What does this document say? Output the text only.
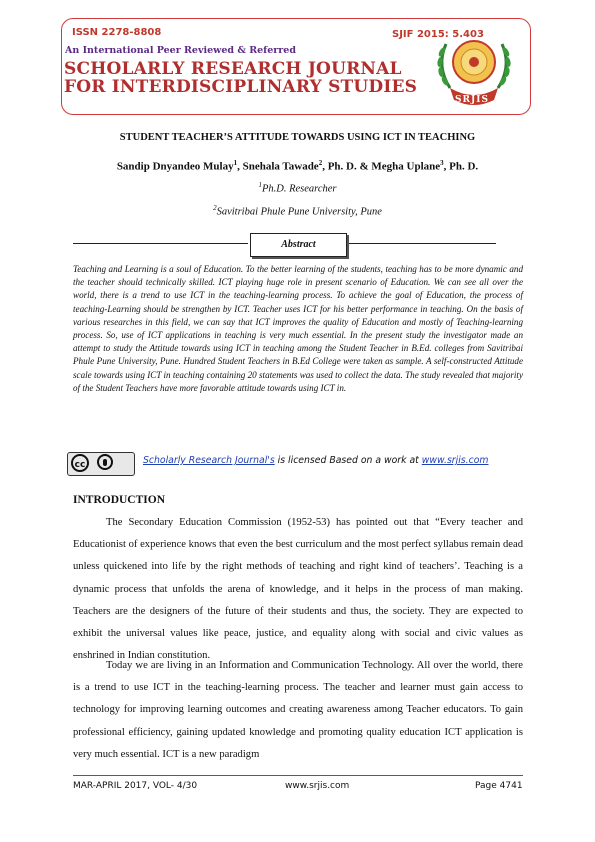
ISSN 2278-8808	SJIF 2015: 5.403
An International Peer Reviewed & Referred
SCHOLARLY RESEARCH JOURNAL
FOR INTERDISCIPLINARY STUDIES
SRJIS
STUDENT TEACHER’S ATTITUDE TOWARDS USING ICT IN TEACHING
Sandip Dnyandeo Mulay$^1$, Snehala Tawade$^2$, Ph. D. & Megha Uplane$^3$, Ph. D.
$^1$Ph.D. Researcher
$^2$Savitribai Phule Pune University, Pune
Abstract
Teaching and Learning is a soul of Education. To the better learning of the students, teaching has to be more dynamic and the teacher should technically skilled. ICT playing huge role in present scenario of Education. We can see all over the world, there is a trend to use ICT in the teaching-learning process. To achieve the goal of Education, the process of teaching-Learning should be strengthen by ICT. Teacher uses ICT for his better performance in teaching. On the basis of various researches in this field, we can say that ICT improves the quality of Education and mostly of Teaching-learning process. So, use of ICT applications in teaching is very much essential. In the present study the investigator made an attempt to study the Attitude towards using ICT in teaching among the Student Teacher in B.Ed. colleges from Savitribai Phule Pune University, Pune. Hundred Student Teachers in B.Ed College were taken as sample. A self-constructed Attitude scale towards using ICT in teaching containing 20 statements was used to collect the data. The study revealed that majority of the Student Teachers have more favorable attitude towards using ICT in.
cc	Scholarly Research Journal's is licensed Based on a work at www.srjis.com
INTRODUCTION
The Secondary Education Commission (1952-53) has pointed out that “Every teacher and Educationist of experience knows that even the best curriculum and the most perfect syllabus remain dead unless quickened into life by the right methods of teaching and right kind of teachers’. Teaching is a dynamic process that unfolds the arena of knowledge, and it helps in the process of man making. Teachers are the designers of the future of their students and thus, the society. They are expected to exhibit the universal values like peace, justice, and equality along with social and civic values as enshrined in Indian constitution.
Today we are living in an Information and Communication Technology. All over the world, there is a trend to use ICT in the teaching-learning process. The teacher and learner must gain access to technology for improving learning outcomes and creating awareness among Teacher educators. To gain professional efficiency, gaining updated knowledge and promoting quality education ICT application is very much essential. ICT is a new paradigm
MAR-APRIL 2017, VOL- 4/30	www.srjis.com	Page 4741
